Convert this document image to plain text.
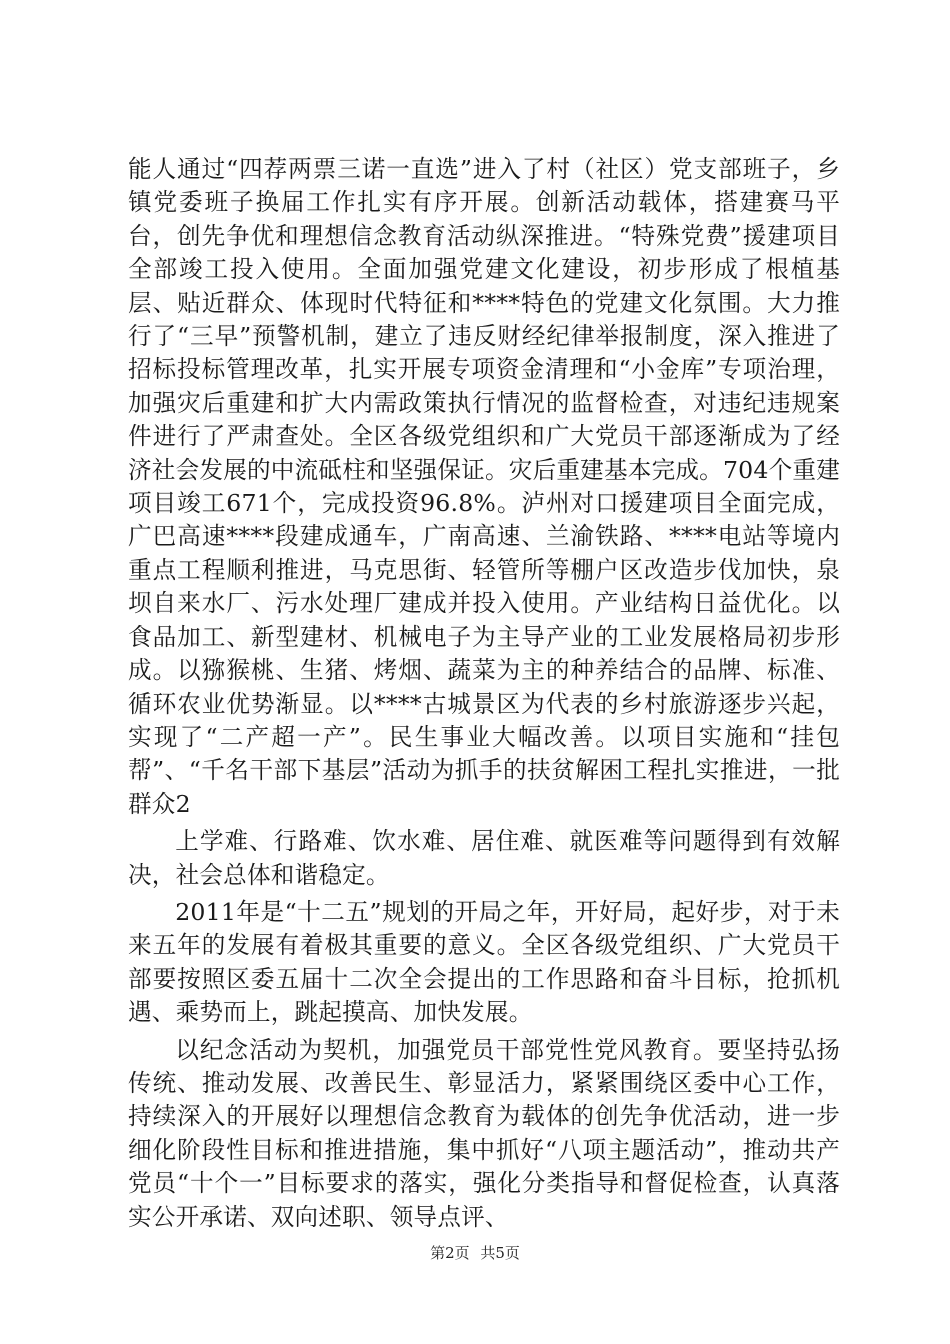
能人通过“四荐两票三诺一直选”进入了村（社区）党支部班子，乡镇党委班子换届工作扎实有序开展。创新活动载体，搭建赛马平台，创先争优和理想信念教育活动纵深推进。“特殊党费”援建项目全部竣工投入使用。全面加强党建文化建设，初步形成了根植基层、贴近群众、体现时代特征和****特色的党建文化氛围。大力推行了“三早”预警机制，建立了违反财经纪律举报制度，深入推进了招标投标管理改革，扎实开展专项资金清理和“小金库”专项治理，加强灾后重建和扩大内需政策执行情况的监督检查，对违纪违规案件进行了严肃查处。全区各级党组织和广大党员干部逐渐成为了经济社会发展的中流砥柱和坚强保证。灾后重建基本完成。704个重建项目竣工671个，完成投资96.8%。泸州对口援建项目全面完成，广巴高速****段建成通车，广南高速、兰渝铁路、****电站等境内重点工程顺利推进，马克思街、轻管所等棚户区改造步伐加快，泉坝自来水厂、污水处理厂建成并投入使用。产业结构日益优化。以食品加工、新型建材、机械电子为主导产业的工业发展格局初步形成。以猕猴桃、生猪、烤烟、蔬菜为主的种养结合的品牌、标准、循环农业优势渐显。以****古城景区为代表的乡村旅游逐步兴起，实现了“二产超一产”。民生事业大幅改善。以项目实施和“挂包帮”、“千名干部下基层”活动为抓手的扶贫解困工程扎实推进，一批群众2

上学难、行路难、饮水难、居住难、就医难等问题得到有效解决，社会总体和谐稳定。

2011年是“十二五”规划的开局之年，开好局，起好步，对于未来五年的发展有着极其重要的意义。全区各级党组织、广大党员干部要按照区委五届十二次全会提出的工作思路和奋斗目标，抢抓机遇、乘势而上，跳起摸高、加快发展。

以纪念活动为契机，加强党员干部党性党风教育。要坚持弘扬传统、推动发展、改善民生、彰显活力，紧紧围绕区委中心工作，持续深入的开展好以理想信念教育为载体的创先争优活动，进一步细化阶段性目标和推进措施，集中抓好“八项主题活动”，推动共产党员“十个一”目标要求的落实，强化分类指导和督促检查，认真落实公开承诺、双向述职、领导点评、

第2页 共5页
